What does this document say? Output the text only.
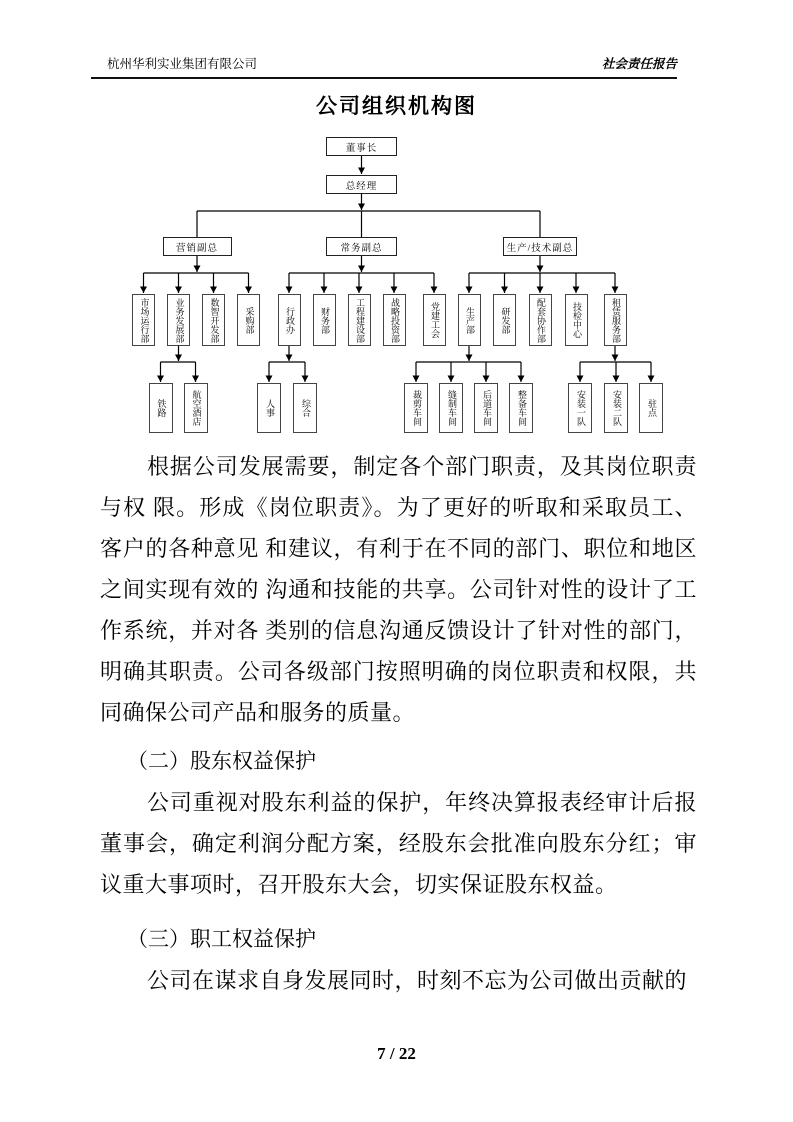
杭州华利实业集团有限公司	社会责任报告
公司组织机构图
董事长
总经理
营销副总	常务副总	生产/技术副总
市场运行部	业务发展部	数智开发部	采购部	行政办	财务部	工程建设部	战略投资部	党建工会	生产部	研发部	配套协作部	技检中心	租赁服务部
铁路	航空酒店	人事	综合	裁剪车间	缝制车间	后道车间	整备车间	安装一队	安装二队	驻点

根据公司发展需要，制定各个部门职责，及其岗位职责与权 限。形成《岗位职责》。为了更好的听取和采取员工、客户的各种意见 和建议，有利于在不同的部门、职位和地区之间实现有效的 沟通和技能的共享。公司针对性的设计了工作系统，并对各 类别的信息沟通反馈设计了针对性的部门，明确其职责。公司各级部门按照明确的岗位职责和权限，共同确保公司产品和服务的质量。

（二）股东权益保护

公司重视对股东利益的保护，年终决算报表经审计后报董事会，确定利润分配方案，经股东会批准向股东分红；审议重大事项时，召开股东大会，切实保证股东权益。

（三）职工权益保护

公司在谋求自身发展同时，时刻不忘为公司做出贡献的

7 / 22
